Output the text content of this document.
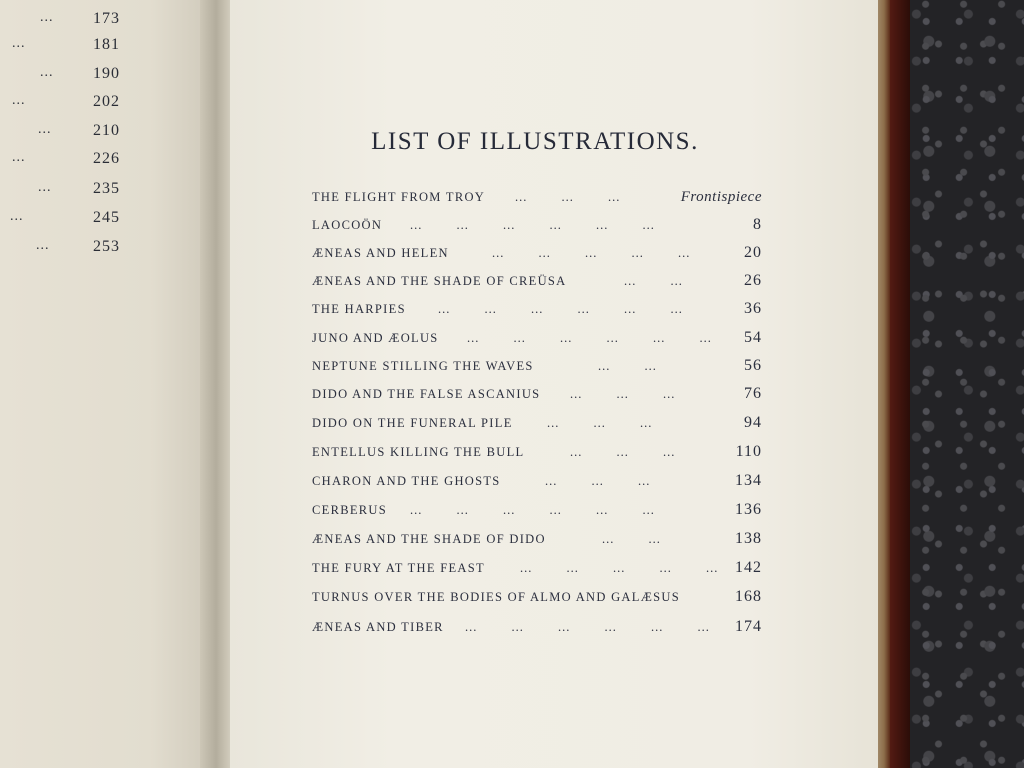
... 173
...	181
... 190
...	202
...	210
...	226
...	235
...	245
...	253
LIST OF ILLUSTRATIONS.
THE FLIGHT FROM TROY ... ... ...	Frontispiece
LAOCOÖN ... ... ... ... ... ...	8
ÆNEAS AND HELEN	... ... ... ... ...	20
ÆNEAS AND THE SHADE OF CREÜSA	... ...	26
THE HARPIES	... ... ... ... ... ...	36
JUNO AND ÆOLUS ... ... ... ... ... ... 54
NEPTUNE STILLING THE WAVES	... ...	56
DIDO AND THE FALSE ASCANIUS ... ... ...	76
DIDO ON THE FUNERAL PILE	... ... ...	94
ENTELLUS KILLING THE BULL	... ... ...	110
CHARON AND THE GHOSTS	... ... ...	134
CERBERUS ... ... ... ... ... ...	136
ÆNEAS AND THE SHADE OF DIDO	... ...	138
THE FURY AT THE FEAST	... ... ... ... ... 142
TURNUS OVER THE BODIES OF ALMO AND GALÆSUS	168
ÆNEAS AND TIBER ... ... ... ... ... ... 174
